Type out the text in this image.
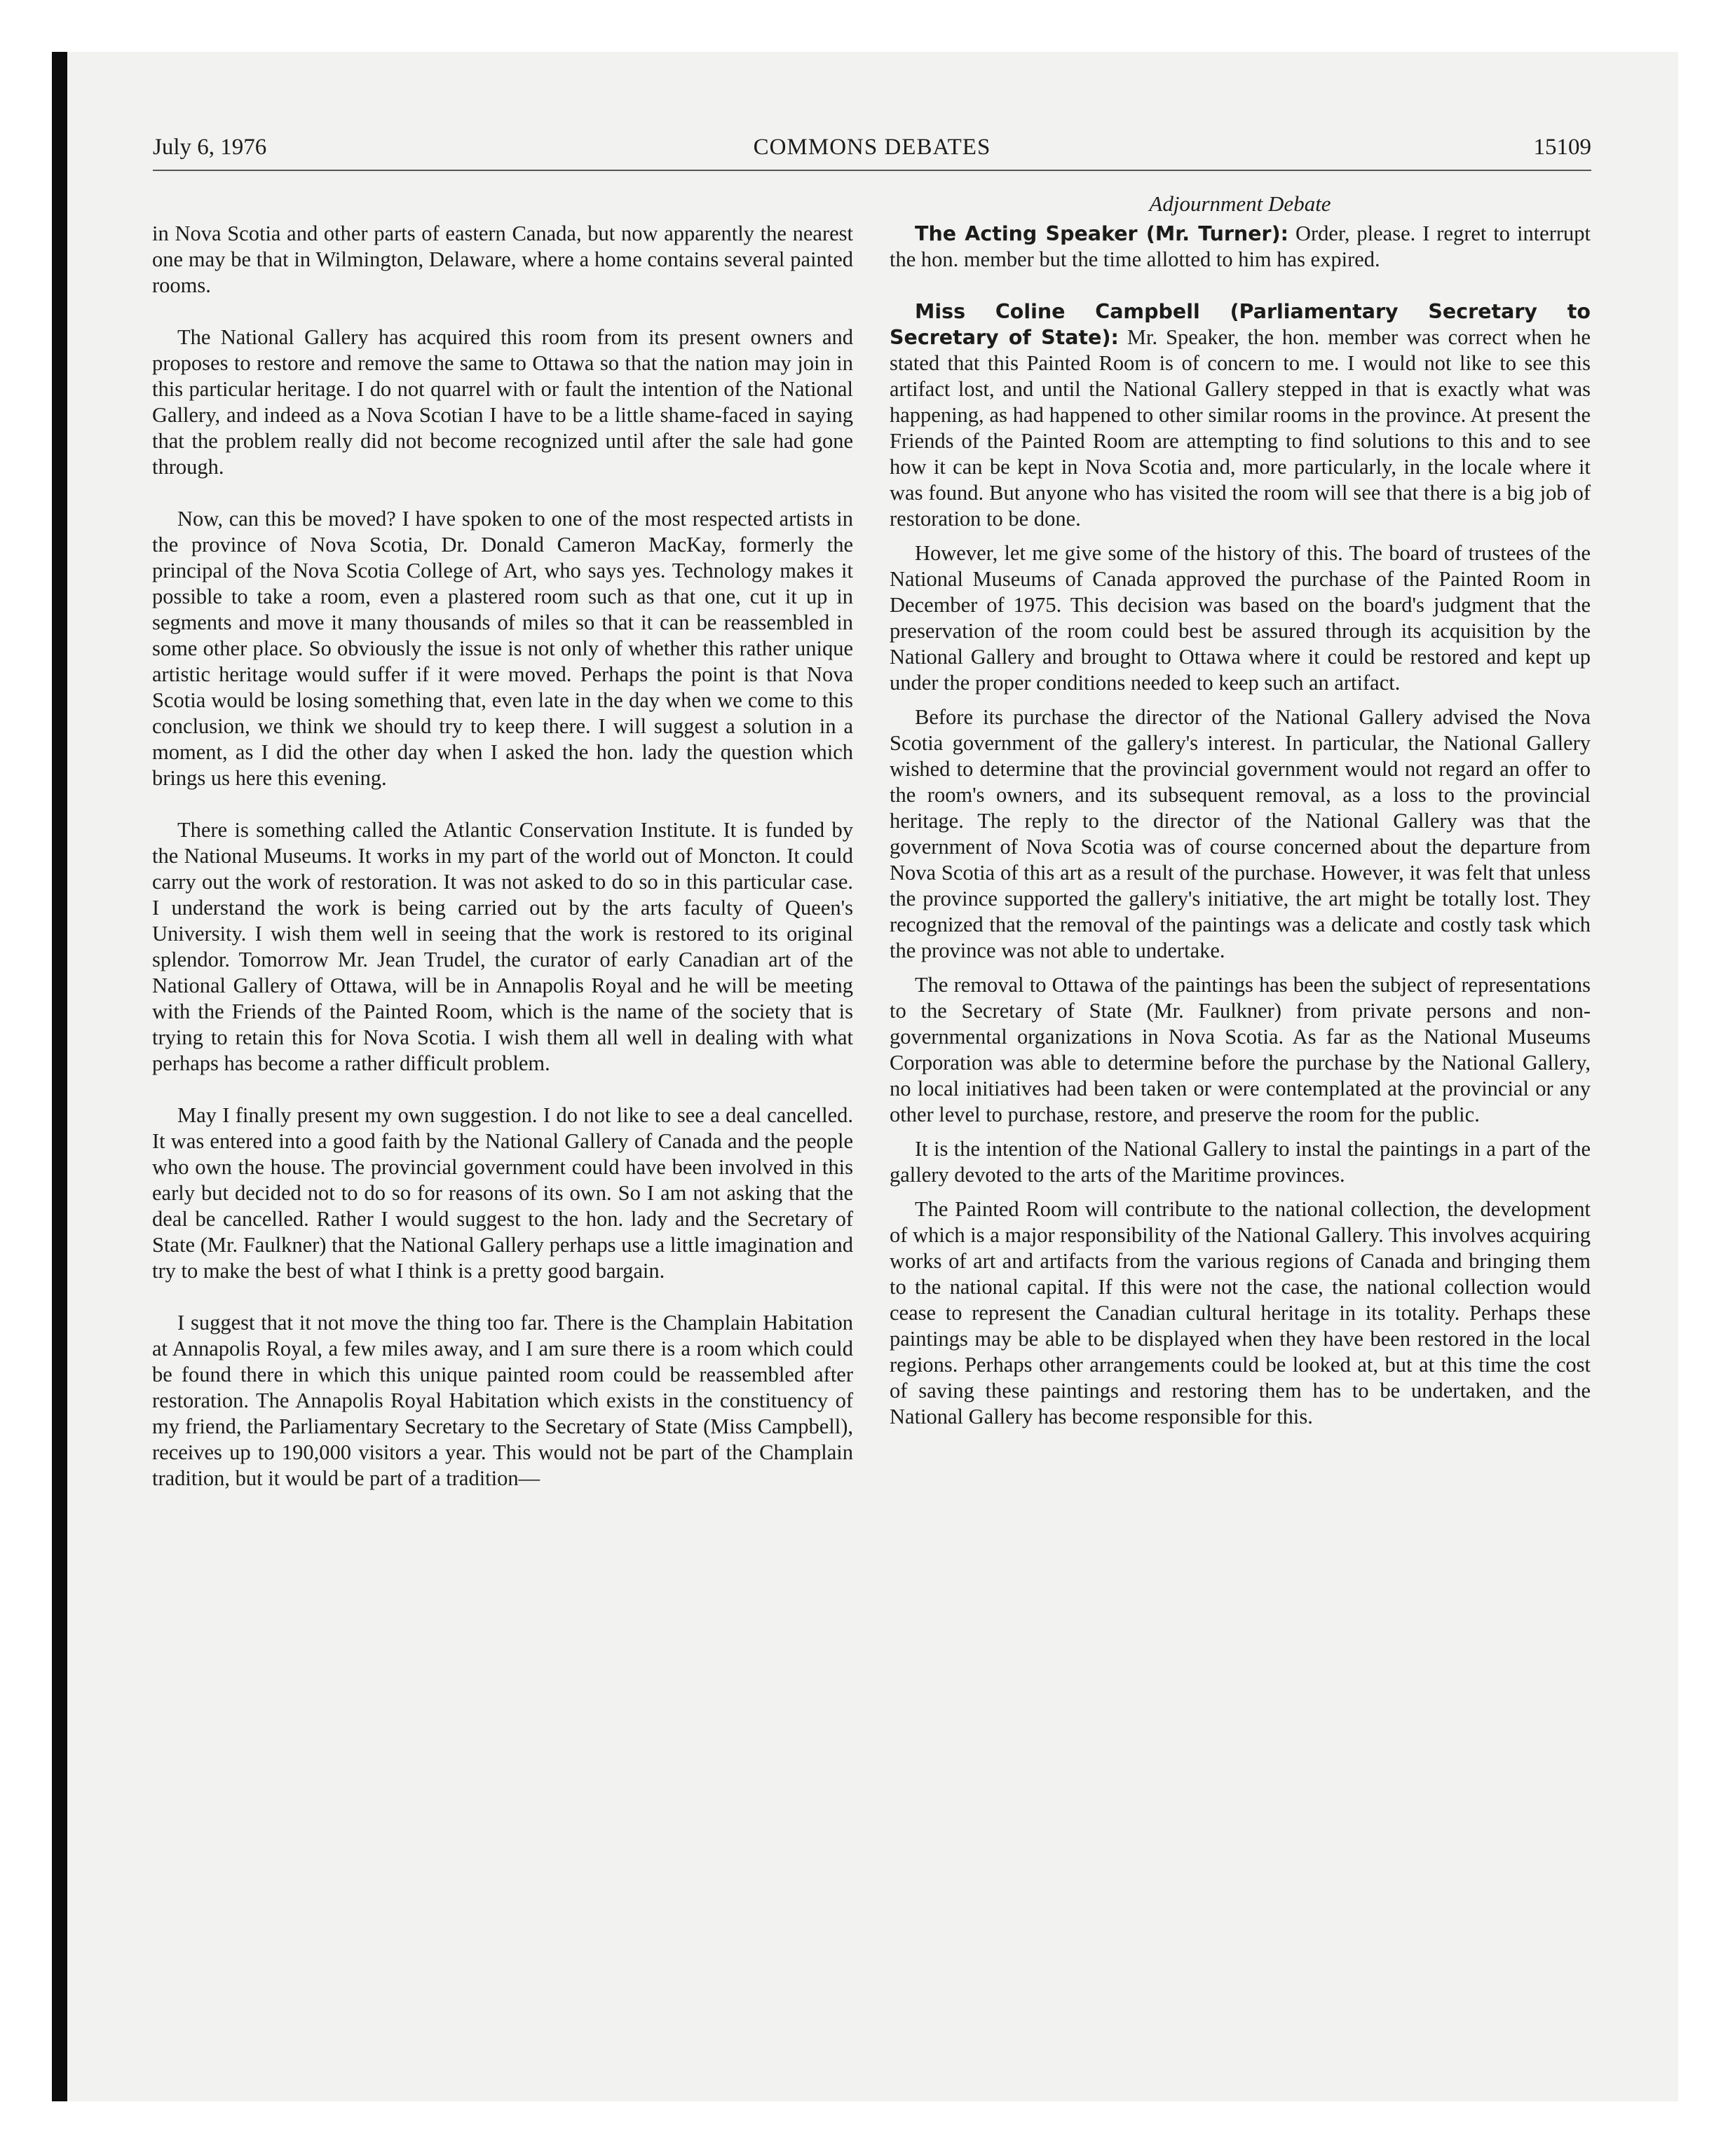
July 6, 1976	COMMONS DEBATES	15109
Adjournment Debate

in Nova Scotia and other parts of eastern Canada, but now apparently the nearest one may be that in Wilmington, Delaware, where a home contains several painted rooms.

The National Gallery has acquired this room from its present owners and proposes to restore and remove the same to Ottawa so that the nation may join in this particular heritage. I do not quarrel with or fault the intention of the National Gallery, and indeed as a Nova Scotian I have to be a little shame-faced in saying that the problem really did not become recognized until after the sale had gone through.

Now, can this be moved? I have spoken to one of the most respected artists in the province of Nova Scotia, Dr. Donald Cameron MacKay, formerly the principal of the Nova Scotia College of Art, who says yes. Technology makes it possible to take a room, even a plastered room such as that one, cut it up in segments and move it many thousands of miles so that it can be reassembled in some other place. So obviously the issue is not only of whether this rather unique artistic heritage would suffer if it were moved. Perhaps the point is that Nova Scotia would be losing something that, even late in the day when we come to this conclusion, we think we should try to keep there. I will suggest a solution in a moment, as I did the other day when I asked the hon. lady the question which brings us here this evening.

There is something called the Atlantic Conservation Institute. It is funded by the National Museums. It works in my part of the world out of Moncton. It could carry out the work of restoration. It was not asked to do so in this particular case. I understand the work is being carried out by the arts faculty of Queen's University. I wish them well in seeing that the work is restored to its original splendor. Tomorrow Mr. Jean Trudel, the curator of early Canadian art of the National Gallery of Ottawa, will be in Annapolis Royal and he will be meeting with the Friends of the Painted Room, which is the name of the society that is trying to retain this for Nova Scotia. I wish them all well in dealing with what perhaps has become a rather difficult problem.

May I finally present my own suggestion. I do not like to see a deal cancelled. It was entered into a good faith by the National Gallery of Canada and the people who own the house. The provincial government could have been involved in this early but decided not to do so for reasons of its own. So I am not asking that the deal be cancelled. Rather I would suggest to the hon. lady and the Secretary of State (Mr. Faulkner) that the National Gallery perhaps use a little imagination and try to make the best of what I think is a pretty good bargain.

I suggest that it not move the thing too far. There is the Champlain Habitation at Annapolis Royal, a few miles away, and I am sure there is a room which could be found there in which this unique painted room could be reassembled after restoration. The Annapolis Royal Habitation which exists in the constituency of my friend, the Parliamentary Secretary to the Secretary of State (Miss Campbell), receives up to 190,000 visitors a year. This would not be part of the Champlain tradition, but it would be part of a tradition—

The Acting Speaker (Mr. Turner): Order, please. I regret to interrupt the hon. member but the time allotted to him has expired.

Miss Coline Campbell (Parliamentary Secretary to Secretary of State): Mr. Speaker, the hon. member was correct when he stated that this Painted Room is of concern to me. I would not like to see this artifact lost, and until the National Gallery stepped in that is exactly what was happening, as had happened to other similar rooms in the province. At present the Friends of the Painted Room are attempting to find solutions to this and to see how it can be kept in Nova Scotia and, more particularly, in the locale where it was found. But anyone who has visited the room will see that there is a big job of restoration to be done.

However, let me give some of the history of this. The board of trustees of the National Museums of Canada approved the purchase of the Painted Room in December of 1975. This decision was based on the board's judgment that the preservation of the room could best be assured through its acquisition by the National Gallery and brought to Ottawa where it could be restored and kept up under the proper conditions needed to keep such an artifact.

Before its purchase the director of the National Gallery advised the Nova Scotia government of the gallery's interest. In particular, the National Gallery wished to determine that the provincial government would not regard an offer to the room's owners, and its subsequent removal, as a loss to the provincial heritage. The reply to the director of the National Gallery was that the government of Nova Scotia was of course concerned about the departure from Nova Scotia of this art as a result of the purchase. However, it was felt that unless the province supported the gallery's initiative, the art might be totally lost. They recognized that the removal of the paintings was a delicate and costly task which the province was not able to undertake.

The removal to Ottawa of the paintings has been the subject of representations to the Secretary of State (Mr. Faulkner) from private persons and non-governmental organizations in Nova Scotia. As far as the National Museums Corporation was able to determine before the purchase by the National Gallery, no local initiatives had been taken or were contemplated at the provincial or any other level to purchase, restore, and preserve the room for the public.

It is the intention of the National Gallery to instal the paintings in a part of the gallery devoted to the arts of the Maritime provinces.

The Painted Room will contribute to the national collection, the development of which is a major responsibility of the National Gallery. This involves acquiring works of art and artifacts from the various regions of Canada and bringing them to the national capital. If this were not the case, the national collection would cease to represent the Canadian cultural heritage in its totality. Perhaps these paintings may be able to be displayed when they have been restored in the local regions. Perhaps other arrangements could be looked at, but at this time the cost of saving these paintings and restoring them has to be undertaken, and the National Gallery has become responsible for this.
